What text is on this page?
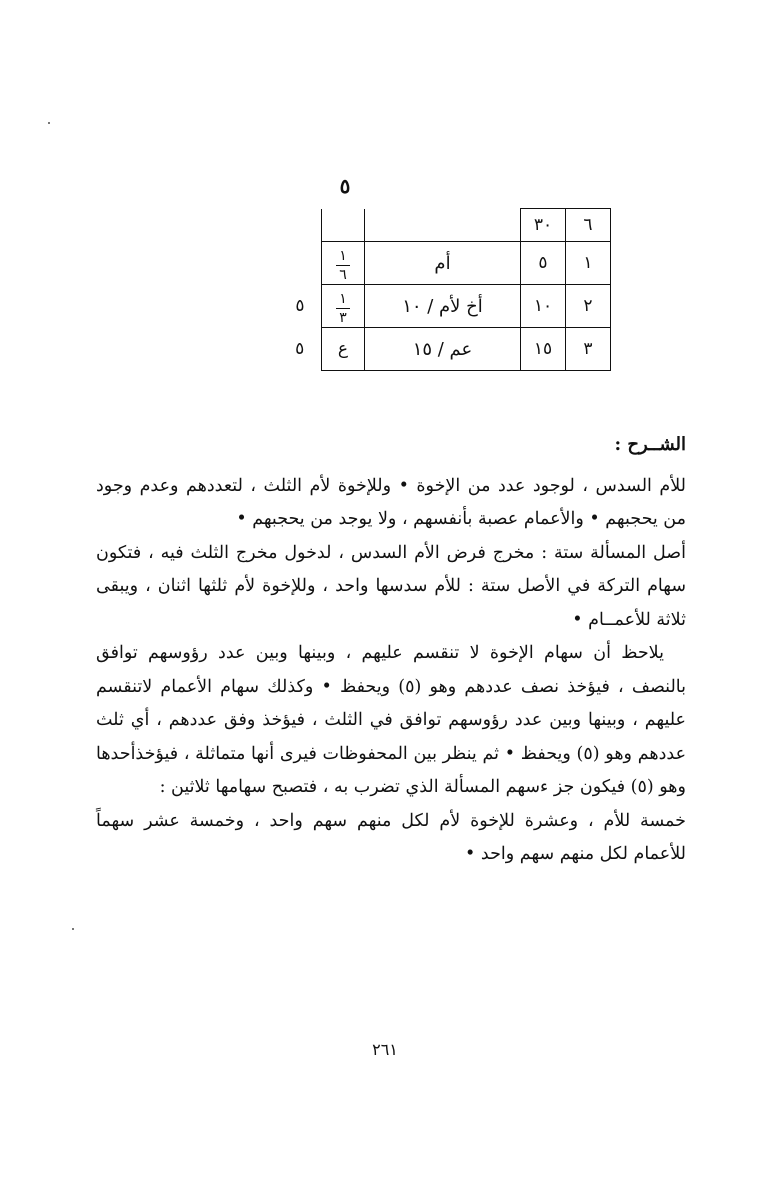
٥
٦	٣٠			
١	٥	أم	$\frac{١}{٦}$

٢	١٠	أخ لأم / ١٠	$\frac{١}{٣}$	٥
٣	١٥	عم / ١٥	ع	٥

الشــرح :

للأم السدس ، لوجود عدد من الإخوة • وللإخوة لأم الثلث ، لتعددهم وعدم وجود من يحجبهم • والأعمام عصبة بأنفسهم ، ولا يوجد من يحجبهم •

أصل المسألة ستة : مخرج فرض الأم السدس ، لدخول مخرج الثلث فيه ، فتكون سهام التركة في الأصل ستة : للأم سدسها واحد ، وللإخوة لأم ثلثها اثنان ، ويبقى ثلاثة للأعمــام •

يلاحظ أن سهام الإخوة لا تنقسم عليهم ، وبينها وبين عدد رؤوسهم توافق بالنصف ، فيؤخذ نصف عددهم وهو (٥) ويحفظ • وكذلك سهام الأعمام لاتنقسم عليهم ، وبينها وبين عدد رؤوسهم توافق في الثلث ، فيؤخذ وفق عددهم ، أي ثلث عددهم وهو (٥) ويحفظ • ثم ينظر بين المحفوظات فيرى أنها متماثلة ، فيؤخذأحدها وهو (٥) فيكون جز ءسهم المسألة الذي تضرب به ، فتصبح سهامها ثلاثين :

خمسة للأم ، وعشرة للإخوة لأم لكل منهم سهم واحد ، وخمسة عشر سهماً للأعمام لكل منهم سهم واحد •

٢٦١
